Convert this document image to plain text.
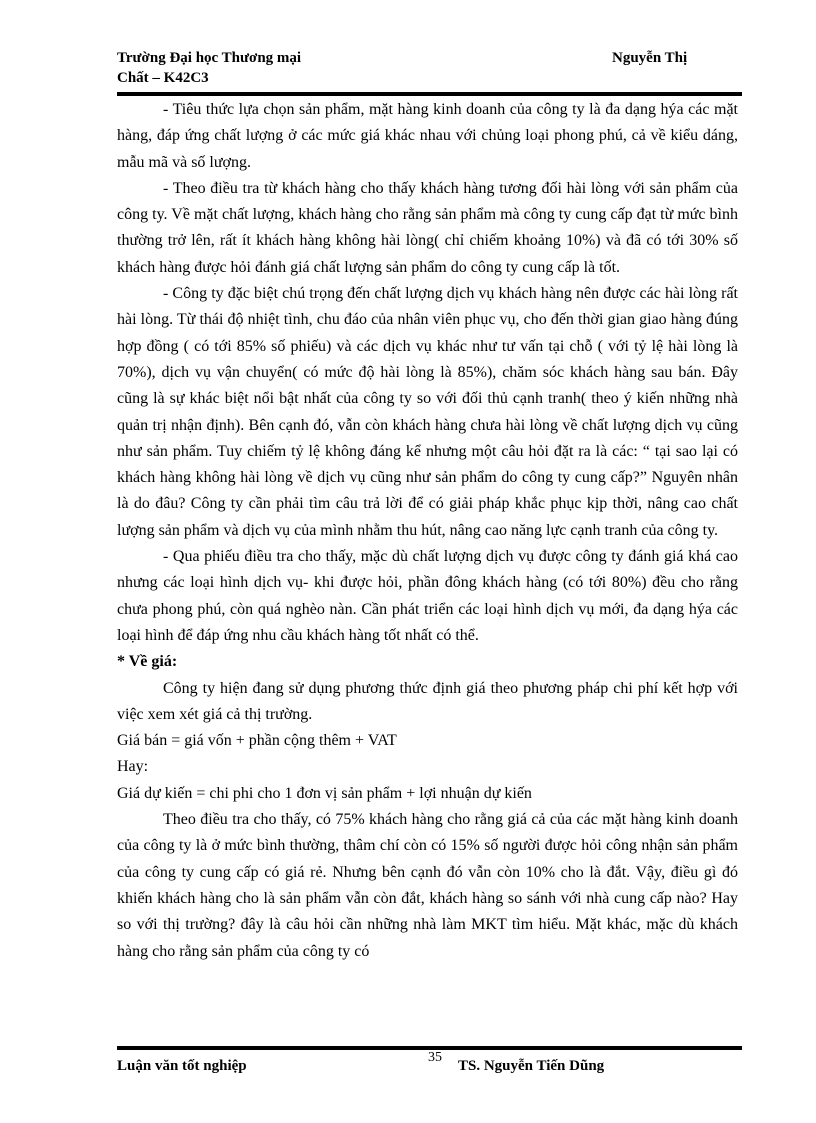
Trường Đại học Thương mại	Nguyễn Thị
Chất – K42C3

- Tiêu thức lựa chọn sản phẩm, mặt hàng kinh doanh của công ty là đa dạng hýa các mặt hàng, đáp ứng chất lượng ở các mức giá khác nhau với chủng loại phong phú, cả về kiểu dáng, mẫu mã và số lượng.

- Theo điều tra từ khách hàng cho thấy khách hàng tương đối hài lòng với sản phẩm của công ty. Về mặt chất lượng, khách hàng cho rằng sản phẩm mà công ty cung cấp đạt từ mức bình thường trở lên, rất ít khách hàng không hài lòng( chỉ chiếm khoảng 10%) và đã có tới 30% số khách hàng được hỏi đánh giá chất lượng sản phẩm do công ty cung cấp là tốt.

- Công ty đặc biệt chú trọng đến chất lượng dịch vụ khách hàng nên được các hài lòng rất hài lòng. Từ thái độ nhiệt tình, chu đáo của nhân viên phục vụ, cho đến thời gian giao hàng đúng hợp đồng ( có tới 85% số phiếu) và các dịch vụ khác như tư vấn tại chỗ ( với tỷ lệ hài lòng là 70%), dịch vụ vận chuyển( có mức độ hài lòng là 85%), chăm sóc khách hàng sau bán. Đây cũng là sự khác biệt nổi bật nhất của công ty so với đối thủ cạnh tranh( theo ý kiến những nhà quản trị nhận định). Bên cạnh đó, vẫn còn khách hàng chưa hài lòng về chất lượng dịch vụ cũng như sản phẩm. Tuy chiếm tỷ lệ không đáng kể nhưng một câu hỏi đặt ra là các: “ tại sao lại có khách hàng không hài lòng về dịch vụ cũng như sản phẩm do công ty cung cấp?” Nguyên nhân là do đâu? Công ty cần phải tìm câu trả lời để có giải pháp khắc phục kịp thời, nâng cao chất lượng sản phẩm và dịch vụ của mình nhằm thu hút, nâng cao năng lực cạnh tranh của công ty.

- Qua phiếu điều tra cho thấy, mặc dù chất lượng dịch vụ được công ty đánh giá khá cao nhưng các loại hình dịch vụ- khi được hỏi, phần đông khách hàng (có tới 80%) đều cho rằng chưa phong phú, còn quá nghèo nàn. Cần phát triển các loại hình dịch vụ mới, đa dạng hýa các loại hình để đáp ứng nhu cầu khách hàng tốt nhất có thể.

* Về giá:

Công ty hiện đang sử dụng phương thức định giá theo phương pháp chi phí kết hợp với việc xem xét giá cả thị trường.

Giá bán = giá vốn + phần cộng thêm + VAT

Hay:

Giá dự kiến = chi phi cho 1 đơn vị sản phẩm + lợi nhuận dự kiến

Theo điều tra cho thấy, có 75% khách hàng cho rằng giá cả của các mặt hàng kinh doanh của công ty là ở mức bình thường, thâm chí còn có 15% số người được hỏi công nhận sản phẩm của công ty cung cấp có giá rẻ. Nhưng bên cạnh đó vẫn còn 10% cho là đắt. Vậy, điều gì đó khiến khách hàng cho là sản phẩm vẫn còn đắt, khách hàng so sánh với nhà cung cấp nào? Hay so với thị trường? đây là câu hỏi cần những nhà làm MKT tìm hiểu. Mặt khác, mặc dù khách hàng cho rằng sản phẩm của công ty có

Luận văn tốt nghiệp
35
TS. Nguyễn Tiến Dũng
